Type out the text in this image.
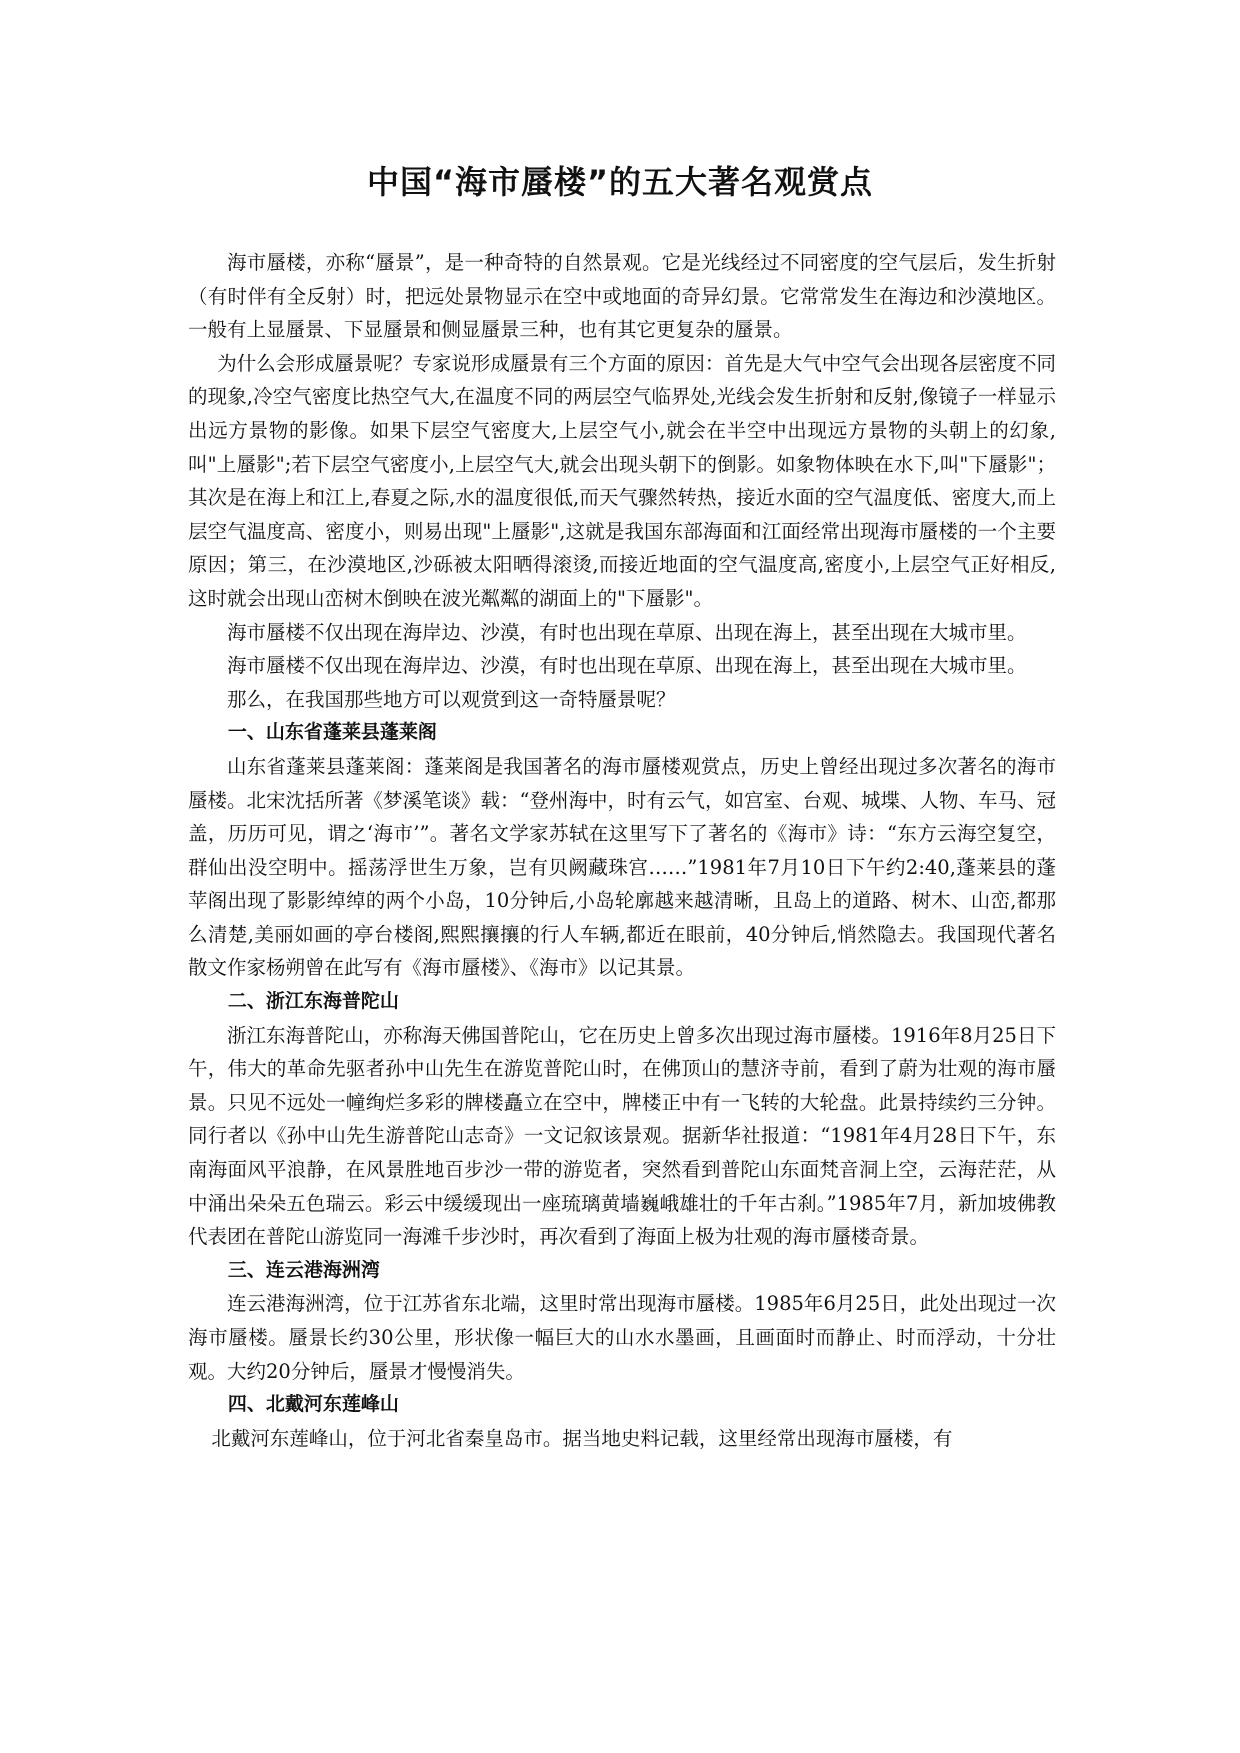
中国“海市蜃楼”的五大著名观赏点

海市蜃楼，亦称“蜃景”，是一种奇特的自然景观。它是光线经过不同密度的空气层后，发生折射（有时伴有全反射）时，把远处景物显示在空中或地面的奇异幻景。它常常发生在海边和沙漠地区。一般有上显蜃景、下显蜃景和侧显蜃景三种，也有其它更复杂的蜃景。

为什么会形成蜃景呢？专家说形成蜃景有三个方面的原因：首先是大气中空气会出现各层密度不同的现象,冷空气密度比热空气大,在温度不同的两层空气临界处,光线会发生折射和反射,像镜子一样显示出远方景物的影像。如果下层空气密度大,上层空气小,就会在半空中出现远方景物的头朝上的幻象,叫"上蜃影";若下层空气密度小,上层空气大,就会出现头朝下的倒影。如象物体映在水下,叫"下蜃影"； 其次是在海上和江上,春夏之际,水的温度很低,而天气骤然转热，接近水面的空气温度低、密度大,而上层空气温度高、密度小，则易出现"上蜃影",这就是我国东部海面和江面经常出现海市蜃楼的一个主要原因；第三，在沙漠地区,沙砾被太阳晒得滚烫,而接近地面的空气温度高,密度小,上层空气正好相反,这时就会出现山峦树木倒映在波光粼粼的湖面上的"下蜃影"。

海市蜃楼不仅出现在海岸边、沙漠，有时也出现在草原、出现在海上，甚至出现在大城市里。

海市蜃楼不仅出现在海岸边、沙漠，有时也出现在草原、出现在海上，甚至出现在大城市里。

那么，在我国那些地方可以观赏到这一奇特蜃景呢？

一、山东省蓬莱县蓬莱阁

山东省蓬莱县蓬莱阁：蓬莱阁是我国著名的海市蜃楼观赏点，历史上曾经出现过多次著名的海市蜃楼。北宋沈括所著《梦溪笔谈》载：“登州海中，时有云气，如宫室、台观、城堞、人物、车马、冠盖，历历可见，谓之‘海市’”。著名文学家苏轼在这里写下了著名的《海市》诗：“东方云海空复空，群仙出没空明中。摇荡浮世生万象，岂有贝阙藏珠宫……”1981年7月10日下午约2:40,蓬莱县的蓬苹阁出现了影影绰绰的两个小岛，10分钟后,小岛轮廓越来越清晰，且岛上的道路、树木、山峦,都那么清楚,美丽如画的亭台楼阁,熙熙攘攘的行人车辆,都近在眼前，40分钟后,悄然隐去。我国现代著名散文作家杨朔曾在此写有《海市蜃楼》、《海市》以记其景。

二、浙江东海普陀山

浙江东海普陀山，亦称海天佛国普陀山，它在历史上曾多次出现过海市蜃楼。1916年8月25日下午，伟大的革命先驱者孙中山先生在游览普陀山时，在佛顶山的慧济寺前，看到了蔚为壮观的海市蜃景。只见不远处一幢绚烂多彩的牌楼矗立在空中，牌楼正中有一飞转的大轮盘。此景持续约三分钟。同行者以《孙中山先生游普陀山志奇》一文记叙该景观。据新华社报道：“1981年4月28日下午，东南海面风平浪静，在风景胜地百步沙一带的游览者，突然看到普陀山东面梵音洞上空，云海茫茫，从中涌出朵朵五色瑞云。彩云中缓缓现出一座琉璃黄墙巍峨雄壮的千年古刹。”1985年7月，新加坡佛教代表团在普陀山游览同一海滩千步沙时，再次看到了海面上极为壮观的海市蜃楼奇景。

三、连云港海洲湾

连云港海洲湾，位于江苏省东北端，这里时常出现海市蜃楼。1985年6月25日，此处出现过一次海市蜃楼。蜃景长约30公里，形状像一幅巨大的山水水墨画，且画面时而静止、时而浮动，十分壮观。大约20分钟后，蜃景才慢慢消失。

四、北戴河东莲峰山

北戴河东莲峰山，位于河北省秦皇岛市。据当地史料记载，这里经常出现海市蜃楼，有
